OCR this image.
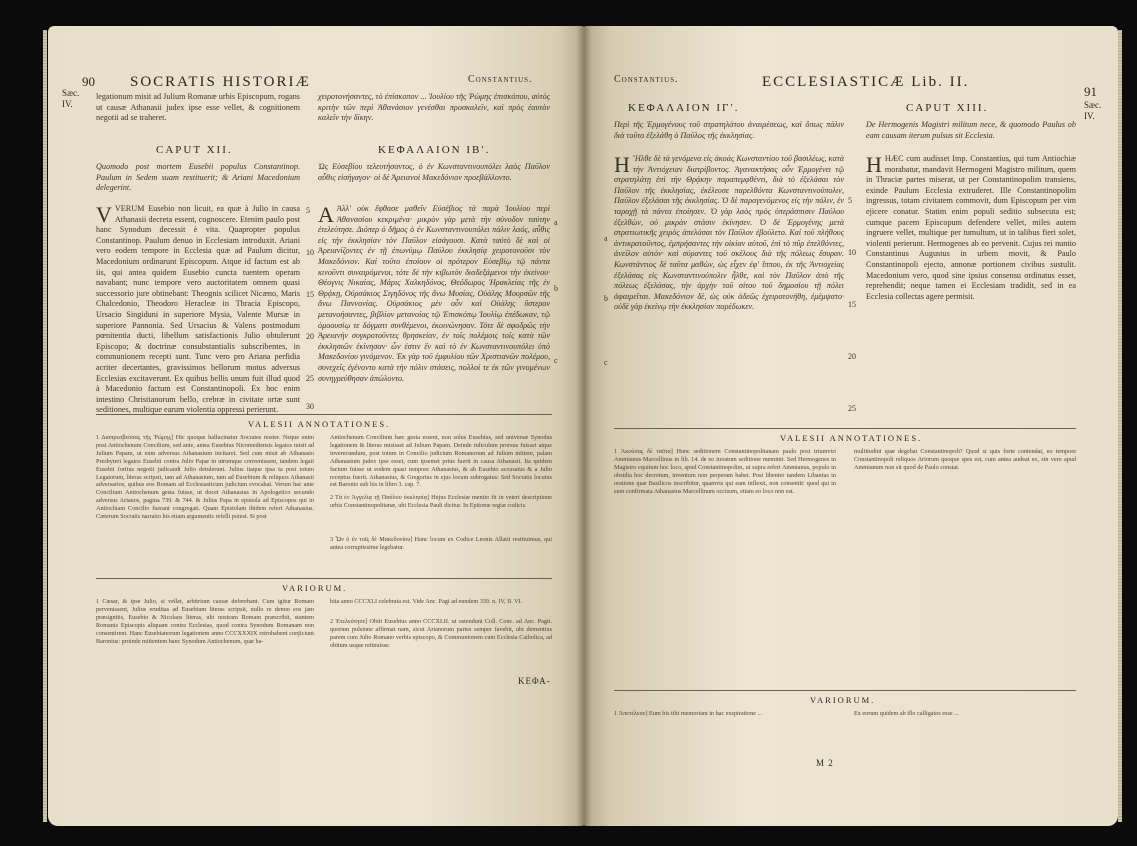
90 SOCRATIS HISTORIÆ	Constantius.
Sæc. IV.
legationum misit ad Julium Romanæ urbis Episcopum, rogans ut causæ Athanasii judex ipse esse vellet, & cognitionem negotii ad se traheret.
χειροτονήσαντες, τὸ ἐπίσκοπον ... Ἰουλίου τῆς Ῥώμης ἐπισκόπου, αὐτὸς κριτὴν τῶν περὶ Ἀθανάσιον γενέσθαι προσκαλεῖν, καὶ πρὸς ἑαυτὸν καλεῖν τὴν δίκην.
CAPUT XII.	ΚΕΦΑΛΑΙΟΝ ΙΒʹ.
Quomodo post mortem Eusebii populus Constantinop. Paulum in Sedem suam restituerit; & Ariani Macedonium delegerint.
Ὡς Εὐσεβίου τελευτήσαντος, ὁ ἐν Κωνσταντινουπόλει λαὸς Παῦλον αὖθις εἰσήγαγον· οἱ δὲ Ἀρειανοὶ Μακεδόνιον προεβάλλοντο.
VVERUM Eusebio non licuit, ea quæ à Julio in causa Athanasii decreta essent, cognoscere. Etenim paulo post hanc Synodum decessit è vita. Quapropter populus Constantinop. Paulum denuo in Ecclesiam introduxit. Ariani vero eodem tempore in Ecclesia quæ ad Paulum dicitur, Macedonium ordinarunt Episcopum. Atque id factum est ab iis, qui antea quidem Eusebio cuncta tuentem operam navabant; nunc tempore vero auctoritatem omnem quasi successorio jure obtinebant: Theognis scilicet Nicæno, Maris Chalcedonio, Theodoro Heracleæ in Thracia Episcopo, Ursacio Singiduni in superiore Mysia, Valente Mursæ in superiore Pannonia. Sed Ursacius & Valens postmodum pœnitentia ducti, libellum satisfactionis Julio obtulerunt Episcopo; & doctrinæ consubstantialis subscribentes, in communionem recepti sunt. Tunc vero pro Ariana perfidia acriter decertantes, gravissimos bellorum motus adversus Ecclesias excitaverunt. Ex quibus bellis unum fuit illud quod à Macedonio factum est Constantinopoli. Ex hoc enim intestino Christianorum bello, crebræ in civitate ortæ sunt seditiones, multique earum violentia oppressi perierunt.
A Ἀλλ' οὐκ ἔφθασε μαθεῖν Εὐσέβιος τὰ παρὰ Ἰουλίου περὶ Ἀθανασίου κεκριμένα· μικρὸν γὰρ μετὰ τὴν σύνοδον ταύτην ἐτελεύτησε. Διόπερ ὁ δῆμος ὁ ἐν Κωνσταντινουπόλει πάλιν λαός, αὖθις εἰς τὴν ἐκκλησίαν τὸν Παῦλον εἰσάγουσι. Κατὰ ταὐτὸ δὲ καὶ οἱ Ἀρειανίζοντες ἐν τῇ ἐπωνύμῳ Παύλου ἐκκλησίᾳ χειροτονοῦσι τὸν Μακεδόνιον. Καὶ τοῦτο ἐποίουν οἱ πρότερον Εὐσεβίῳ τῷ πάντα κινοῦντι συναιρόμενοι, τότε δὲ τὴν κιβωτὸν διαδεξάμενοι τὴν ἐκείνου· Θέογνις Νικαίας, Μάρις Χαλκηδόνος, Θεόδωρος Ἡρακλείας τῆς ἐν Θρᾴκῃ, Οὐρσάκιος Σιγηδόνος τῆς ἄνω Μυσίας, Οὐάλης Μουρσῶν τῆς ἄνω Παννονίας. Οὐρσάκιος μὲν οὖν καὶ Οὐάλης ὕστερον μετανοήσαντες, βιβλίον μετανοίας τῷ Ἐπισκόπῳ Ἰουλίῳ ἐπέδωκαν, τῷ ὁμοουσίῳ τε δόγματι συνθέμενοι, ἐκοινώνησαν. Τότε δὲ σφοδρῶς τὴν Ἀρειανὴν συγκροτοῦντες θρησκείαν, ἐν τοῖς πολέμοις τοῖς κατὰ τῶν ἐκκλησιῶν ἐκίνησαν· ὧν ἐστιν ἕν καὶ τὸ ἐν Κωνσταντινουπόλει ὑπὸ Μακεδονίου γινόμενον. Ἐκ γὰρ τοῦ ἐμφυλίου τῶν Χριστιανῶν πολέμου, συνεχεῖς ἐγένοντο κατὰ τὴν πόλιν στάσεις, πολλοί τε ἐκ τῶν γινομένων συνηγρεύθησαν ἀπώλοντο.
5
10
15
20
25
30
a
b
c
VALESII ANNOTATIONES.
1 Διαπρεσβεύσας τῆς Ῥώμης] Hic quoque hallucinatur Socrates noster. Neque enim post Antiochenum Concilium, sed ante, antea Eusebius Nicomediensis legatos misit ad Julium Papam, ut eum adversus Athanasium incitaret. Sed cum misit ab Athanasio Presbyteri legatos Eusebii contra Julio Papæ in utrumque convenissent, tandem legati Eusebii fortius negotii judicandi Julio detulerunt. Julius itaque ipsa ta post totum Legatorum, literas scripsit, tam ad Athanasium, tum ad Eusebium & reliquos Athanasii adversarios, quibus eos Romam ad Ecclesiasticum judicium evocabat. Verum hac ante Concilium Antiochenum gesta fuisse, ut docet Athanasius in Apologetico secundo adversus Arianos, pagina 739. & 744. & Julius Papa in epistola ad Episcopos qui in Antiochiam Concilio fuerant congregati. Quam Epistolam ibidem refert Athanasius. Cæterum Socratis narratio his etiam argumentis refelli potest. Si post
Antiochenum Concilium hæc gesta essent, non solus Eusebius, sed universæ Synodus legationem & literas misisset ad Julium Papam. Deinde ridiculum prorsus fuisset atque inverecundum, post totum in Concilio judicium Romanorum ad Julium mittere, palam Athanasium judex ipse esset, cum ipsemet prius fuerit in causa Athanasii. Ita quidem factum fuisse ut eodem quasi tempore Athanasius, & ab Eusebio accusatus & a Julio receptus fuerit. Athanasius, & Gregorius in ejus locum subrogatus: Sed Socratis locutus est Baronio sub his in libro 3. cap. 7.
2 Τὰ ἐν Ἀγγελίᾳ τῇ Παύλου ἐκκλησίᾳ] Hujus Ecclesiæ mentio fit in veteri descriptione urbis Constantinopolitanæ, ubi Ecclesia Pauli dicitur. In Epitome regiæ codicis.
3 Ὧν ὁ ἐν τοῖς δὲ Μακεδονίου] Hanc locum ex Codice Leonis Allatii restituimus, qui antea corruptissime legebatur.
VARIORUM.
1 Cæsar, & ipse Julio, si vellet, arbitrium causæ deferebant. Cum igitur Romam pervenissent, Julius eruditas ad Eusebium literas scripsit, nullo re denuo eos jam præsignitis, Eusebio & Nicolaos literas, ubi nostram Romam præscribit, stantem Romanis Episcopis aliquam contra Ecclesias, quod contra Synodum Romanam non consentirent. Hanc Eusebianorum legationem anno CCCXXXIX retrohabent conjiciunt Baronius: proinde mittentem hanc Synodum Antiochenum, quæ ha-
bita anno CCCXLI celebrata est. Vide Anc. Pagi ad eundem 339. n. IV, II. VI.
2 Ἐτελεύτησε] Obiit Eusebius anno CCCXLII. ut ostendunt Coll. Conc. ad Anc. Pagii. quorum pulsione affirmat nam, sicut Arianorum partes semper favebit, ubi dementius parem cum Julio Romano verbis episcopo, & Communionem cum Ecclesia Catholica, ad obitum usque retinuisse.
ΚΕΦΑ-
Constantius.	ECCLESIASTICÆ Lib. II.
91
Sæc. IV.
ΚΕΦΑΛΑΙΟΝ ΙΓʹ.	CAPUT XIII.
Περὶ τῆς Ἑρμογένους τοῦ στρατηλάτου ἀναιρέσεως, καὶ ὅπως πάλιν διὰ τοῦτο ἐξελάθη ὁ Παῦλος τῆς ἐκκλησίας.
De Hermogenis Magistri militum nece, & quomodo Paulus ob eam causam iterum pulsus sit Ecclesia.
H Ἤλθε δὲ τὰ γενόμενα εἰς ἀκοὰς Κωνσταντίου τοῦ βασιλέως, κατὰ τὴν Ἀντιόχειαν διατρίβοντος. Ἀγανακτήσας οὖν Ἑρμογένει τῷ στρατηλάτῃ ἐπὶ τὴν Θρᾴκην παραπεμφθέντι, διὰ τὸ ἐξελάσαι τὸν Παῦλον τῆς ἐκκλησίας, ἐκέλευσε παρελθόντα Κωνσταντινούπολιν, Παῦλον ἐξελάσαι τῆς ἐκκλησίας. Ὁ δὲ παραγενόμενος εἰς τὴν πόλιν, ἐν ταραχῇ τὰ πάντα ἐποίησεν. Ὁ γὰρ λαὸς πρὸς ὑπεράσπισιν Παύλου ἐξελθὼν, οὐ μικρὰν στάσιν ἐκίνησεν. Ὁ δὲ Ἑρμογένης μετὰ στρατιωτικῆς χειρὸς ἀπελάσαι τὸν Παῦλον ἐβούλετο. Καὶ τοῦ πλήθους ἀντικρατοῦντος, ἐμπρήσαντες τὴν οἰκίαν αὐτοῦ, ἐπὶ τὸ πῦρ ἐπελθόντες, ἀνεῖλον αὐτόν· καὶ σύραντες τοῦ σκέλους διὰ τῆς πόλεως ἔσυραν. Κωνστάντιος δὲ ταῦτα μαθὼν, ὡς εἶχεν ἐφ' ἵππου, ἐκ τῆς Ἀντιοχείας ἐξελάσας εἰς Κωνσταντινούπολιν ἦλθε, καὶ τὸν Παῦλον ἀπὸ τῆς πόλεως ἐξελάσας, τὴν ἀρχὴν τοῦ σίτου τοῦ δημοσίου τῇ πόλει ἀφαιρεῖται. Μακεδόνιον δὲ, ὡς οὐκ ἀδεῶς ἐχειροτονήθη, ἐμέμψατο· οὐδὲ γὰρ ἐκείνῳ τὴν ἐκκλησίαν παρέδωκεν.
HHÆC cum audisset Imp. Constantius, qui tum Antiochiæ morabatur, mandavit Hermogeni Magistro militum, quem in Thraciæ partes miserat, ut per Constantinopolim transiens, exinde Paulum Ecclesia extruderet. Ille Constantinopolim ingressus, totam civitatem commovit, dum Episcopum per vim ejicere conatur. Statim enim populi seditio subsecuta est; cumque pacem Episcopum defendere vellet, miles autem ingruere vellet, multique per tumultum, ut in talibus fieri solet, violenti perierunt. Hermogenes ab eo pervenit. Cujus rei nuntio Constantinus Augustus in urbem movit, & Paulo Constantinopoli ejecto, annonæ portionem civibus sustulit. Macedonium vero, quod sine ipsius consensu ordinatus esset, reprehendit; neque tamen ei Ecclesiam tradidit, sed in ea Ecclesia collectas agere permisit.
5
10
15
20
25
a
b
c
VALESII ANNOTATIONES.
1 Ἀκούσας δὲ ταῦτα] Hunc seditionem Constantinopolitanam paulo post triumviri Ammianus Marcellinus in lib. 14. de eo iteratum seditione meminit. Sed Hermogenes in Magistro equitum hoc loco, apud Constantinopolim, ut supra refert Ammianus, populo in obsidia hoc decretum, inventum non perperam habet. Post libenter tandem Libanius in oratione quæ Basilicos inscribitur, quamvis qui eam inflexit, non consentit: quod qui in eam confirmata Athanasius Marcellinum occisum, etiam eo loco non est.
multitudini quæ degebat Constantinopoli? Quod si quis forte contendat, eo tempore Constantinopoli reliquos Ariorum quoque spes est, cum antea audeat eo, sin vero apud Ammianum non sit quod de Paulo constat.
VARIORUM.
1 Ἀπετέλεσε] Eum bis tibi memoriam in hac exspiratione ...	Ex eorum quidem ab illo calligatos esse ...
M 2
